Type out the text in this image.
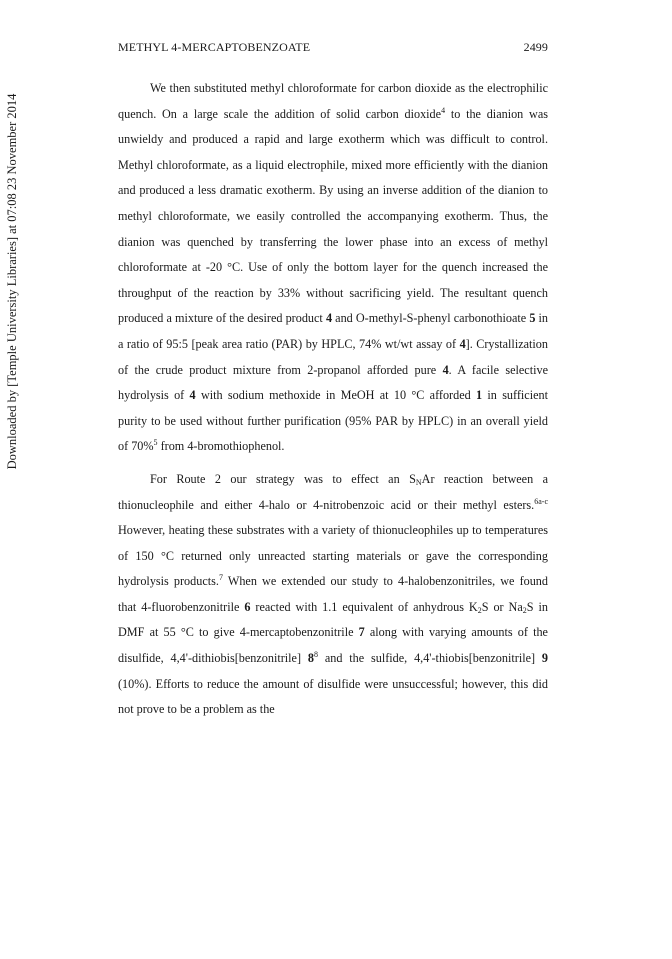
METHYL 4-MERCAPTOBENZOATE	2499

We then substituted methyl chloroformate for carbon dioxide as the electrophilic quench. On a large scale the addition of solid carbon dioxide$^4$ to the dianion was unwieldy and produced a rapid and large exotherm which was difficult to control. Methyl chloroformate, as a liquid electrophile, mixed more efficiently with the dianion and produced a less dramatic exotherm. By using an inverse addition of the dianion to methyl chloroformate, we easily controlled the accompanying exotherm. Thus, the dianion was quenched by transferring the lower phase into an excess of methyl chloroformate at -20 °C. Use of only the bottom layer for the quench increased the throughput of the reaction by 33% without sacrificing yield. The resultant quench produced a mixture of the desired product 4 and O-methyl-S-phenyl carbonothioate 5 in a ratio of 95:5 [peak area ratio (PAR) by HPLC, 74% wt/wt assay of 4]. Crystallization of the crude product mixture from 2-propanol afforded pure 4. A facile selective hydrolysis of 4 with sodium methoxide in MeOH at 10 °C afforded 1 in sufficient purity to be used without further purification (95% PAR by HPLC) in an overall yield of 70%$^5$ from 4-bromothiophenol.

For Route 2 our strategy was to effect an $S_NAr$ reaction between a thionucleophile and either 4-halo or 4-nitrobenzoic acid or their methyl esters.$^{6a-c}$ However, heating these substrates with a variety of thionucleophiles up to temperatures of 150 °C returned only unreacted starting materials or gave the corresponding hydrolysis products.$^7$ When we extended our study to 4-halobenzonitriles, we found that 4-fluorobenzonitrile 6 reacted with 1.1 equivalent of anhydrous $K_2S$ or $Na_2S$ in DMF at 55 °C to give 4-mercaptobenzonitrile 7 along with varying amounts of the disulfide, 4,4'-dithiobis[benzonitrile] $8^8$ and the sulfide, 4,4'-thiobis[benzonitrile] 9 (10%). Efforts to reduce the amount of disulfide were unsuccessful; however, this did not prove to be a problem as the

Downloaded by [Temple University Libraries] at 07:08 23 November 2014
